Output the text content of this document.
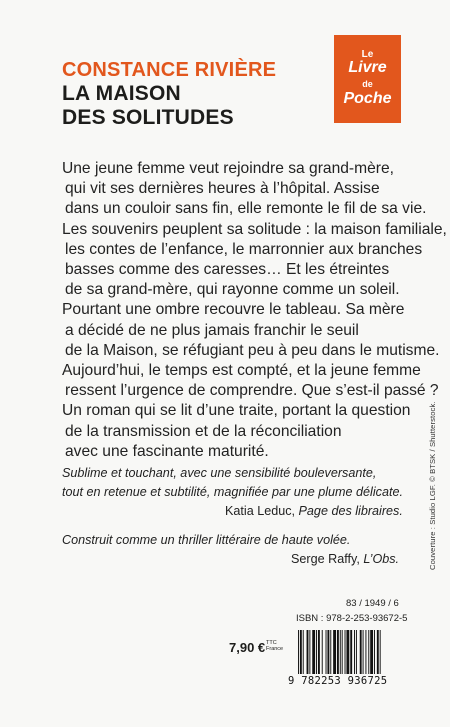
CONSTANCE RIVIÈRE
LA MAISON
DES SOLITUDES
Le
Livre
de
Poche
Une jeune femme veut rejoindre sa grand-mère,
qui vit ses dernières heures à l’hôpital. Assise
dans un couloir sans fin, elle remonte le fil de sa vie.
Les souvenirs peuplent sa solitude : la maison familiale,
les contes de l’enfance, le marronnier aux branches
basses comme des caresses… Et les étreintes
de sa grand-mère, qui rayonne comme un soleil.
Pourtant une ombre recouvre le tableau. Sa mère
a décidé de ne plus jamais franchir le seuil
de la Maison, se réfugiant peu à peu dans le mutisme.
Aujourd’hui, le temps est compté, et la jeune femme
ressent l’urgence de comprendre. Que s’est-il passé ?
Un roman qui se lit d’une traite, portant la question
de la transmission et de la réconciliation
avec une fascinante maturité.
Sublime et touchant, avec une sensibilité bouleversante,
tout en retenue et subtilité, magnifiée par une plume délicate.
Katia Leduc, Page des libraires.
Construit comme un thriller littéraire de haute volée.
Serge Raffy, L’Obs.	Couverture : Studio LGF. © BTSK / Shutterstock.
83 / 1949 / 6
ISBN : 978-2-253-93672-5
7,90 € TTC
France
9 782253 936725
